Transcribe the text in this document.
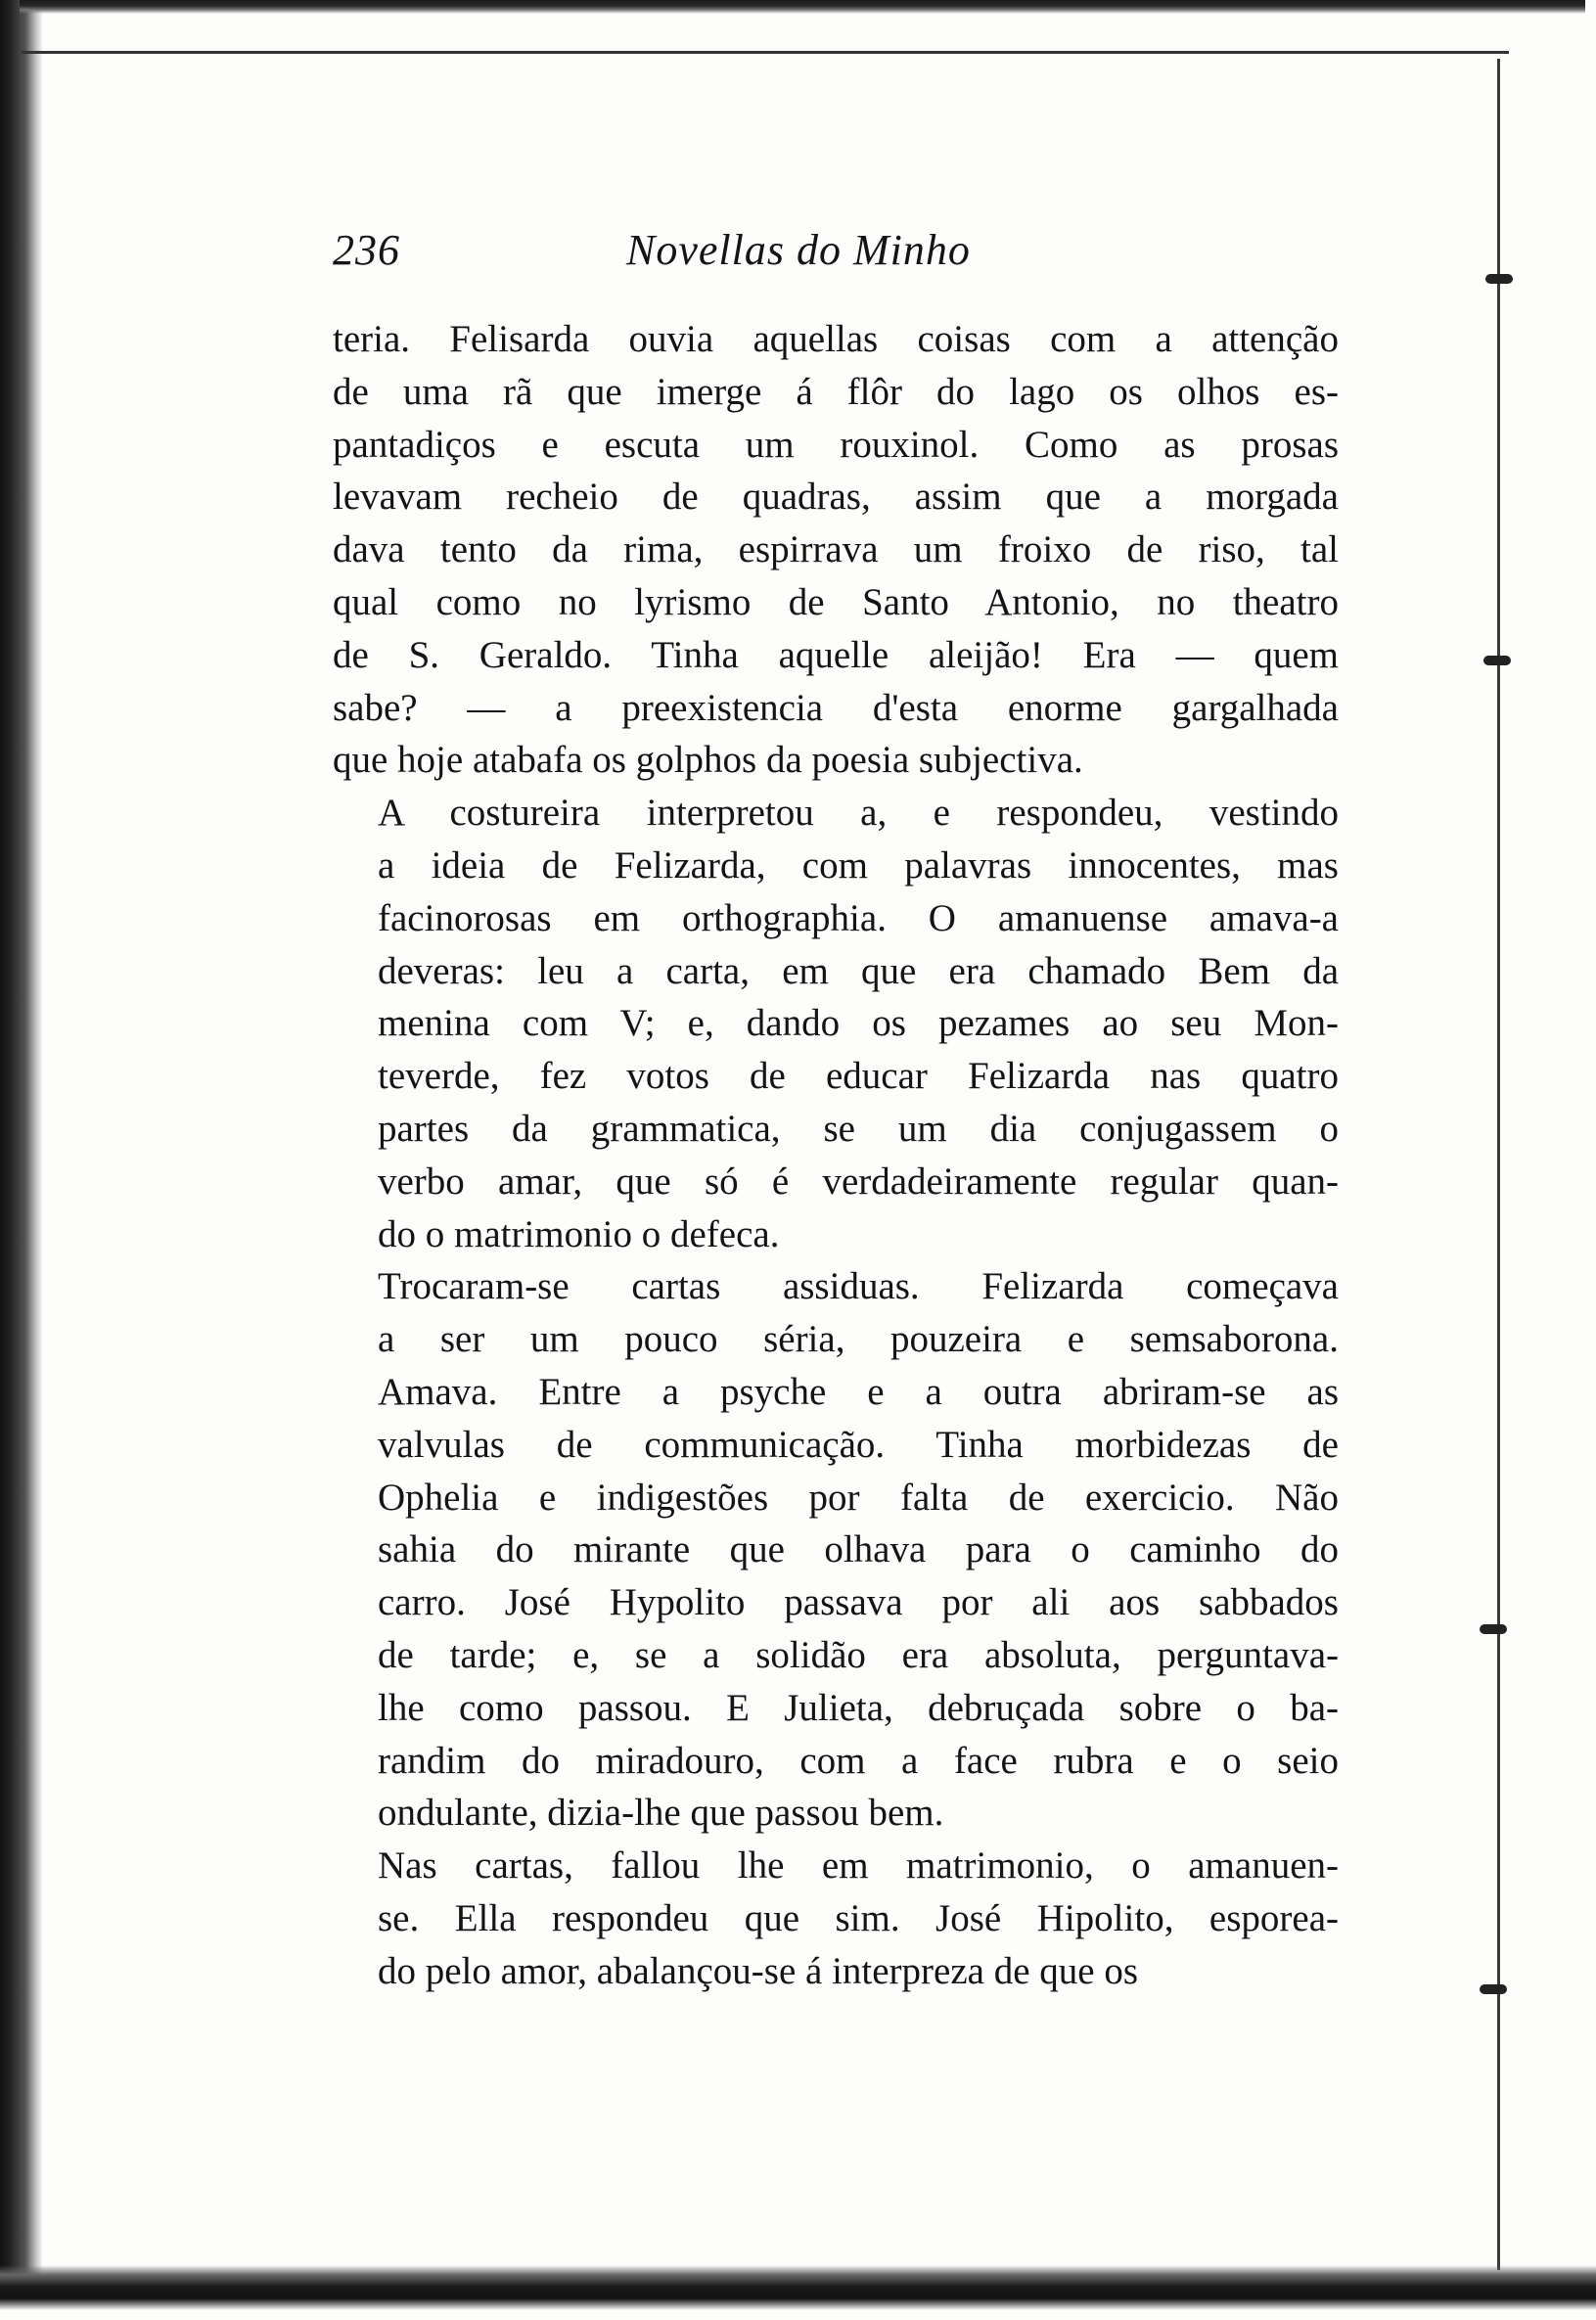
236	Novellas do Minho

teria. Felisarda ouvia aquellas coisas com a attenção
de uma rã que imerge á flôr do lago os olhos es-
pantadiços e escuta um rouxinol. Como as prosas
levavam recheio de quadras, assim que a morgada
dava tento da rima, espirrava um froixo de riso, tal
qual como no lyrismo de Santo Antonio, no theatro
de S. Geraldo. Tinha aquelle aleijão! Era — quem
sabe? — a preexistencia d'esta enorme gargalhada
que hoje atabafa os golphos da poesia subjectiva.

A costureira interpretou a, e respondeu, vestindo
a ideia de Felizarda, com palavras innocentes, mas
facinorosas em orthographia. O amanuense amava-a
deveras: leu a carta, em que era chamado Bem da
menina com V; e, dando os pezames ao seu Mon-
teverde, fez votos de educar Felizarda nas quatro
partes da grammatica, se um dia conjugassem o
verbo amar, que só é verdadeiramente regular quan-
do o matrimonio o defeca.

Trocaram-se cartas assiduas. Felizarda começava
a ser um pouco séria, pouzeira e semsaborona.
Amava. Entre a psyche e a outra abriram-se as
valvulas de communicação. Tinha morbidezas de
Ophelia e indigestões por falta de exercicio. Não
sahia do mirante que olhava para o caminho do
carro. José Hypolito passava por ali aos sabbados
de tarde; e, se a solidão era absoluta, perguntava-
lhe como passou. E Julieta, debruçada sobre o ba-
randim do miradouro, com a face rubra e o seio
ondulante, dizia-lhe que passou bem.

Nas cartas, fallou lhe em matrimonio, o amanuen-
se. Ella respondeu que sim. José Hipolito, esporea-
do pelo amor, abalançou-se á interpreza de que os
